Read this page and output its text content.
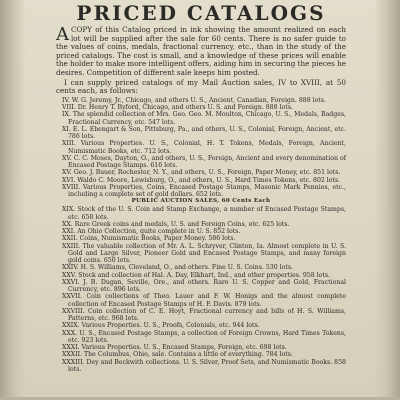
PRICED CATALOGS
ACOPY of this Catalog priced in ink showing the amount realized on each lot will be supplied after the sale for 60 cents. There is no safer guide to the values of coins, medals, fractional currency, etc., than in the study of the priced catalogs. The cost is small, and a knowledge of these prices will enable the holder to make more intelligent offers, aiding him in securing the pieces he desires. Competition of different sale keeps him posted.
I can supply priced catalogs of my Mail Auction sales, IV to XVIII, at 50 cents each, as follows:
IV. W. G. Jeremy, Jr., Chicago, and others U. S., Ancient, Canadian, Foreign. 888 lots.
VIII. Dr. Henry T. Byford, Chicago, and others U. S. and Foreign. 888 lots.
IX. The splendid collection of Mrs. Geo. Geo. M. Moulton, Chicago, U. S., Medals, Badges, Fractional Currency, etc. 547 lots.
XI. E. L. Ebengart & Son, Pittsburg, Pa., and others, U. S., Colonial, Foreign, Ancient, etc. 786 lots.
XIII. Various Properties. U. S., Colonial, H. T. Tokens, Medals, Foreign, Ancient, Numismatic Books, etc. 712 lots.
XV. C. C. Moses, Dayton, O., and others, U. S., Foreign, Ancient and every denomination of Encased Postage Stamps. 616 lots.
XV. Geo. J. Bauer, Rochester, N. Y., and others, U. S., Foreign, Paper Money, etc. 851 lots.
XVI. Waldo C. Moore, Lewisburg, O., and others, U. S., Hard Times Tokens, etc. 802 lots.
XVIII. Various Properties, Coins, Encased Postage Stamps, Masonic Mark Pennies, etc., including a complete set of gold dollars. 652 lots.
PUBLIC AUCTION SALES, 60 Cents Each
XIX. Stock of the U. S. Coin and Stamp Exchange, a number of Encased Postage Stamps, etc. 658 lots.
XX. Rare Greek coins and medals, U. S. and Foreign Coins, etc. 625 lots.
XXI. An Ohio Collection, quite complete in U. S. 852 lots.
XXII. Coins, Numismatic Books, Paper Money. 586 lots.
XXIII. The valuable collection of Mr. A. L. Schryver, Clinton, Ia. Almost complete in U. S. Gold and Large Silver, Pioneer Gold and Encased Postage Stamps, and many foreign gold coins. 650 lots.
XXIV. H. S. Williams, Cleveland, O., and others. Fine U. S. Coins. 530 lots.
XXV. Stock and collection of Hal. A. Day, Elkhart, Ind., and other properties. 958 lots.
XXVI. J. B. Dugan, Seville, Ore., and others. Rare U. S. Copper and Gold, Fractional Currency, etc. 896 lots.
XXVII. Coin collections of Theo. Lauer and F. W. Honigs and the almost complete collection of Encased Postage Stamps of H. F. Davis. 879 lots.
XXVIII. Coin collection of C. E. Hoyt, Fractional currency and bills of H. S. Williams, Patterns, etc. 968 lots.
XXIX. Various Properties. U. S., Proofs, Colonials, etc. 944 lots.
XXX. U. S., Encased Postage Stamps, a collection of Foreign Crowns, Hard Times Tokens, etc. 923 lots.
XXXI. Various Properties. U. S., Encased Stamps, Foreign, etc. 698 lots.
XXXII. The Columbus, Ohio, sale. Contains a little of everything. 784 lots.
XXXIII. Dey and Beckwith collections. U. S. Silver, Proof Sets, and Numismatic Books. 858 lots.
